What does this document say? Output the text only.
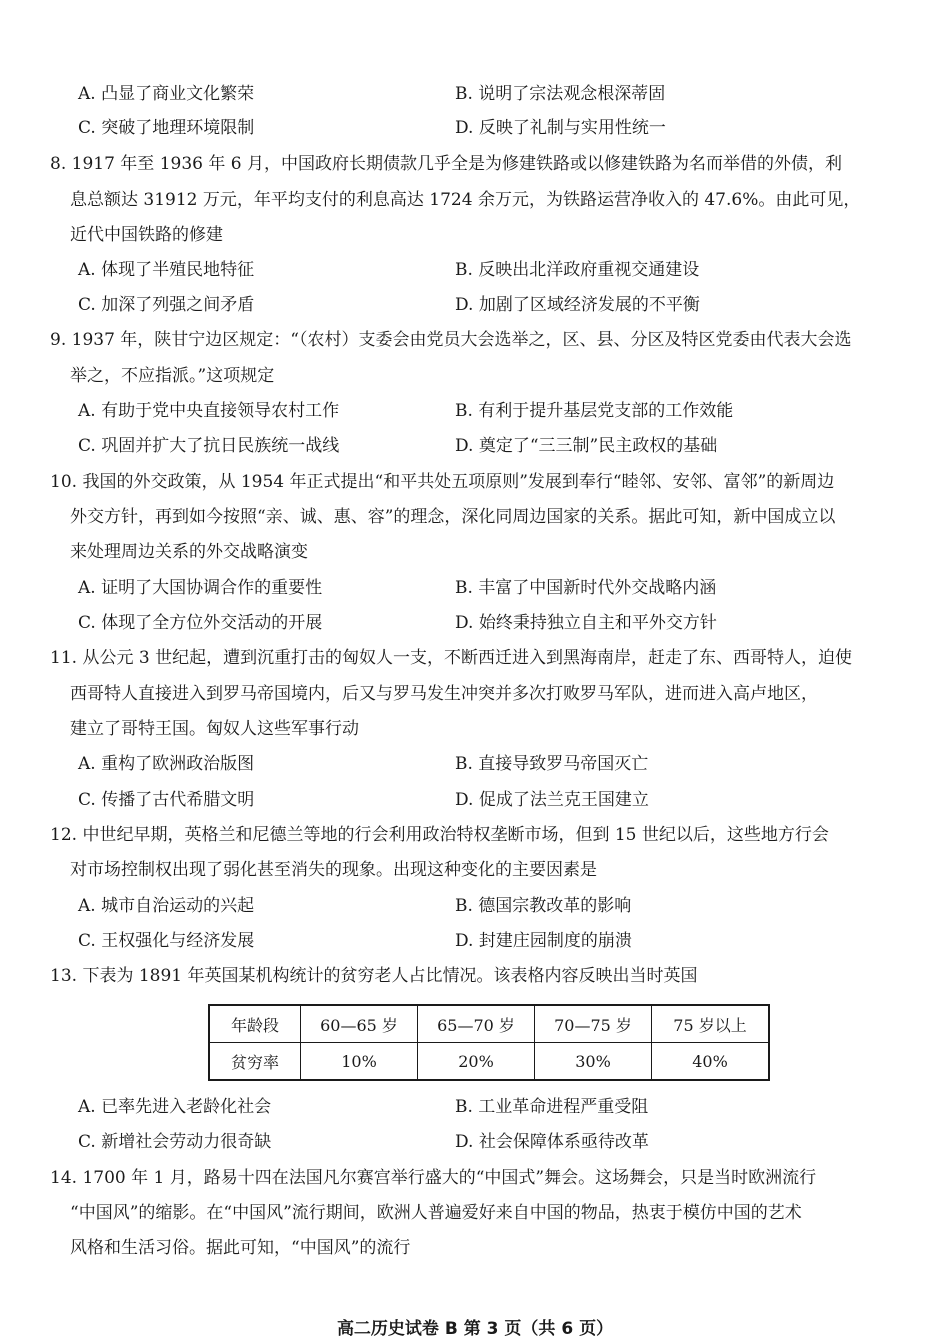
A. 凸显了商业文化繁荣	B. 说明了宗法观念根深蒂固
C. 突破了地理环境限制	D. 反映了礼制与实用性统一
8. 1917 年至 1936 年 6 月，中国政府长期债款几乎全是为修建铁路或以修建铁路为名而举借的外债，利
息总额达 31912 万元，年平均支付的利息高达 1724 余万元，为铁路运营净收入的 47.6%。由此可见，
近代中国铁路的修建
A. 体现了半殖民地特征	B. 反映出北洋政府重视交通建设
C. 加深了列强之间矛盾	D. 加剧了区域经济发展的不平衡
9. 1937 年，陕甘宁边区规定：“（农村）支委会由党员大会选举之，区、县、分区及特区党委由代表大会选
举之，不应指派。”这项规定
A. 有助于党中央直接领导农村工作	B. 有利于提升基层党支部的工作效能
C. 巩固并扩大了抗日民族统一战线	D. 奠定了“三三制”民主政权的基础
10. 我国的外交政策，从 1954 年正式提出“和平共处五项原则”发展到奉行“睦邻、安邻、富邻”的新周边
外交方针，再到如今按照“亲、诚、惠、容”的理念，深化同周边国家的关系。据此可知，新中国成立以
来处理周边关系的外交战略演变
A. 证明了大国协调合作的重要性	B. 丰富了中国新时代外交战略内涵
C. 体现了全方位外交活动的开展	D. 始终秉持独立自主和平外交方针
11. 从公元 3 世纪起，遭到沉重打击的匈奴人一支，不断西迁进入到黑海南岸，赶走了东、西哥特人，迫使
西哥特人直接进入到罗马帝国境内，后又与罗马发生冲突并多次打败罗马军队，进而进入高卢地区，
建立了哥特王国。匈奴人这些军事行动
A. 重构了欧洲政治版图	B. 直接导致罗马帝国灭亡
C. 传播了古代希腊文明	D. 促成了法兰克王国建立
12. 中世纪早期，英格兰和尼德兰等地的行会利用政治特权垄断市场，但到 15 世纪以后，这些地方行会
对市场控制权出现了弱化甚至消失的现象。出现这种变化的主要因素是
A. 城市自治运动的兴起	B. 德国宗教改革的影响
C. 王权强化与经济发展	D. 封建庄园制度的崩溃
13. 下表为 1891 年英国某机构统计的贫穷老人占比情况。该表格内容反映出当时英国
年龄段	60—65 岁	65—70 岁	70—75 岁	75 岁以上
贫穷率	10%	20%	30%	40%
A. 已率先进入老龄化社会	B. 工业革命进程严重受阻
C. 新增社会劳动力很奇缺	D. 社会保障体系亟待改革
14. 1700 年 1 月，路易十四在法国凡尔赛宫举行盛大的“中国式”舞会。这场舞会，只是当时欧洲流行
“中国风”的缩影。在“中国风”流行期间，欧洲人普遍爱好来自中国的物品，热衷于模仿中国的艺术
风格和生活习俗。据此可知，“中国风”的流行
高二历史试卷 B 第 3 页（共 6 页）
